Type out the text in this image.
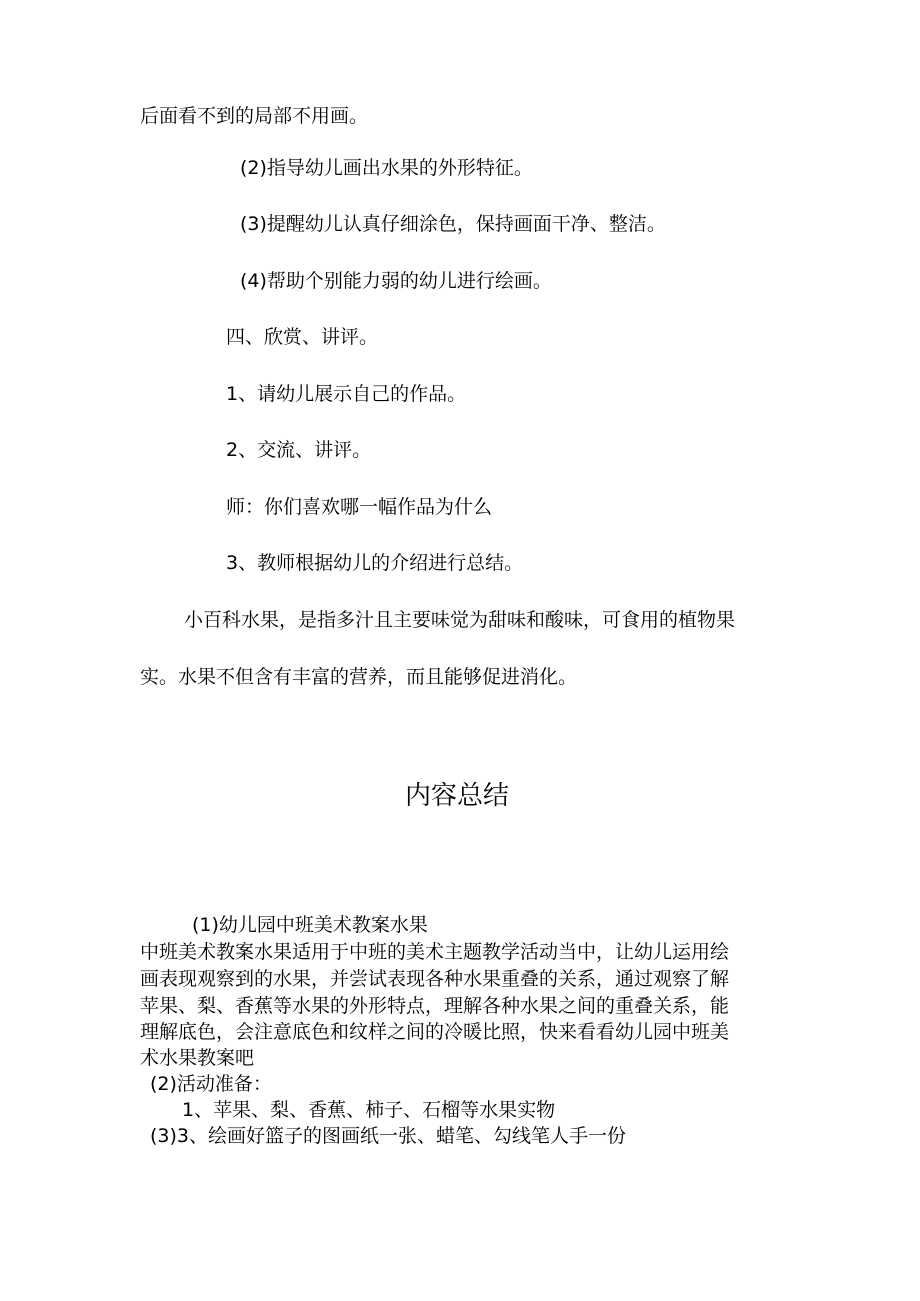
后面看不到的局部不用画。
(2)指导幼儿画出水果的外形特征。
(3)提醒幼儿认真仔细涂色，保持画面干净、整洁。
(4)帮助个别能力弱的幼儿进行绘画。
四、欣赏、讲评。
1、请幼儿展示自己的作品。
2、交流、讲评。
师：你们喜欢哪一幅作品为什么
3、教师根据幼儿的介绍进行总结。
小百科水果，是指多汁且主要味觉为甜味和酸味，可食用的植物果
实。水果不但含有丰富的营养，而且能够促进消化。
内容总结
(1)幼儿园中班美术教案水果
中班美术教案水果适用于中班的美术主题教学活动当中，让幼儿运用绘
画表现观察到的水果，并尝试表现各种水果重叠的关系，通过观察了解
苹果、梨、香蕉等水果的外形特点，理解各种水果之间的重叠关系，能
理解底色，会注意底色和纹样之间的冷暖比照，快来看看幼儿园中班美
术水果教案吧
(2)活动准备：
1、苹果、梨、香蕉、柿子、石榴等水果实物
(3)3、绘画好篮子的图画纸一张、蜡笔、勾线笔人手一份
